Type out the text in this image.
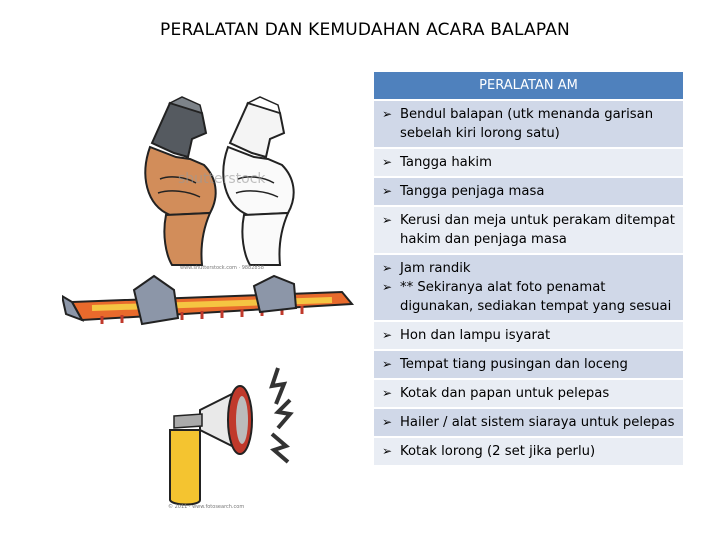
PERALATAN DAN KEMUDAHAN ACARA BALAPAN
shutterstock
www.shutterstock.com · 9882858
© 2011 · www.fotosearch.com
PERALATAN AM
➢ Bendul balapan (utk menanda garisan sebelah kiri lorong satu)
➢ Tangga hakim
➢ Tangga penjaga masa
➢ Kerusi dan meja untuk perakam ditempat hakim dan penjaga masa
➢ Jam randik
➢ ** Sekiranya alat foto penamat digunakan, sediakan tempat yang sesuai
➢ Hon dan lampu isyarat
➢ Tempat tiang pusingan dan loceng
➢ Kotak dan papan untuk pelepas
➢ Hailer / alat sistem siaraya untuk pelepas
➢ Kotak lorong (2 set jika perlu)
